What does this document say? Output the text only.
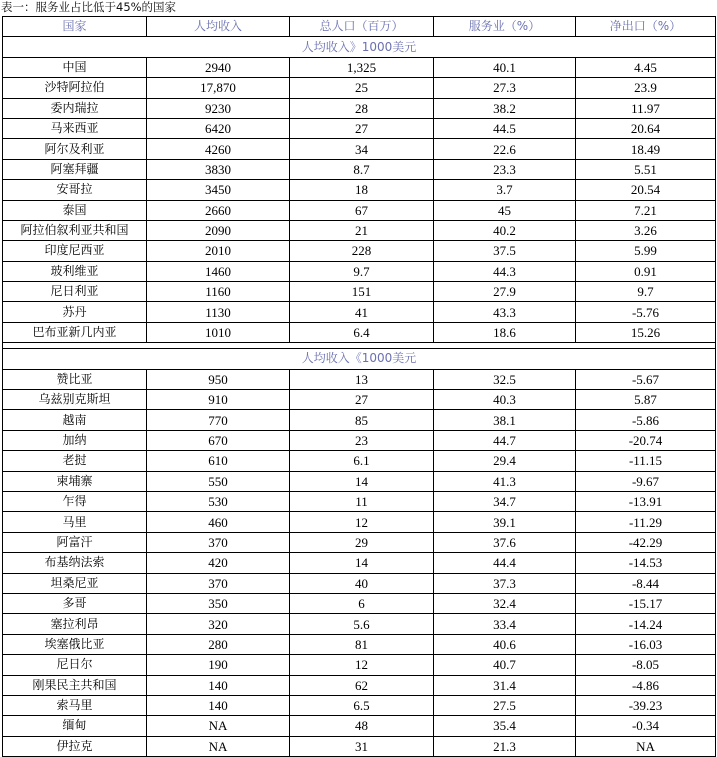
表一：服务业占比低于45%的国家
国家	人均收入	总人口（百万）	服务业（%）	净出口（%）
人均收入》1000美元				
中国	2940	1,325	40.1	4.45
沙特阿拉伯	17,870	25	27.3	23.9
委内瑞拉	9230	28	38.2	11.97
马来西亚	6420	27	44.5	20.64
阿尔及利亚	4260	34	22.6	18.49
阿塞拜疆	3830	8.7	23.3	5.51
安哥拉	3450	18	3.7	20.54
泰国	2660	67	45	7.21
阿拉伯叙利亚共和国	2090	21	40.2	3.26
印度尼西亚	2010	228	37.5	5.99
玻利维亚	1460	9.7	44.3	0.91
尼日利亚	1160	151	27.9	9.7
苏丹	1130	41	43.3	-5.76
巴布亚新几内亚	1010	6.4	18.6	15.26

人均收入《1000美元				
赞比亚	950	13	32.5	-5.67
乌兹别克斯坦	910	27	40.3	5.87
越南	770	85	38.1	-5.86
加纳	670	23	44.7	-20.74
老挝	610	6.1	29.4	-11.15
柬埔寨	550	14	41.3	-9.67
乍得	530	11	34.7	-13.91
马里	460	12	39.1	-11.29
阿富汗	370	29	37.6	-42.29
布基纳法索	420	14	44.4	-14.53
坦桑尼亚	370	40	37.3	-8.44
多哥	350	6	32.4	-15.17
塞拉利昂	320	5.6	33.4	-14.24
埃塞俄比亚	280	81	40.6	-16.03
尼日尔	190	12	40.7	-8.05
刚果民主共和国	140	62	31.4	-4.86
索马里	140	6.5	27.5	-39.23
缅甸	NA	48	35.4	-0.34
伊拉克	NA	31	21.3	NA
